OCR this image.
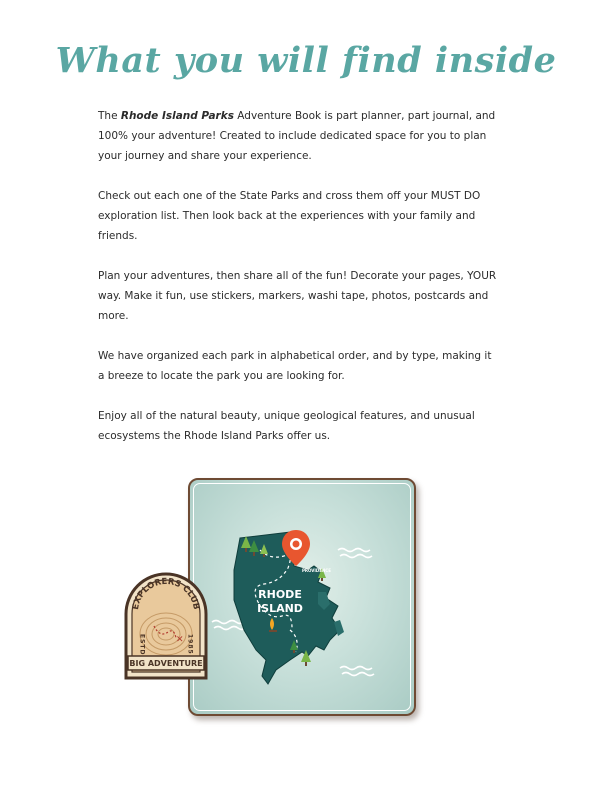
What you will find inside

The Rhode Island Parks Adventure Book is part planner, part journal, and 100% your adventure! Created to include dedicated space for you to plan your journey and share your experience.

Check out each one of the State Parks and cross them off your MUST DO exploration list. Then look back at the experiences with your family and friends.

Plan your adventures, then share all of the fun! Decorate your pages, YOUR way. Make it fun, use stickers, markers, washi tape, photos, postcards and more.

We have organized each park in alphabetical order, and by type, making it a breeze to locate the park you are looking for.

Enjoy all of the natural beauty, unique geological features, and unusual ecosystems the Rhode Island Parks offer us.

PROVIDENCE
RHODE
ISLAND
✕
EXPLORERS CLUB
ESTD	1985
BIG ADVENTURE
